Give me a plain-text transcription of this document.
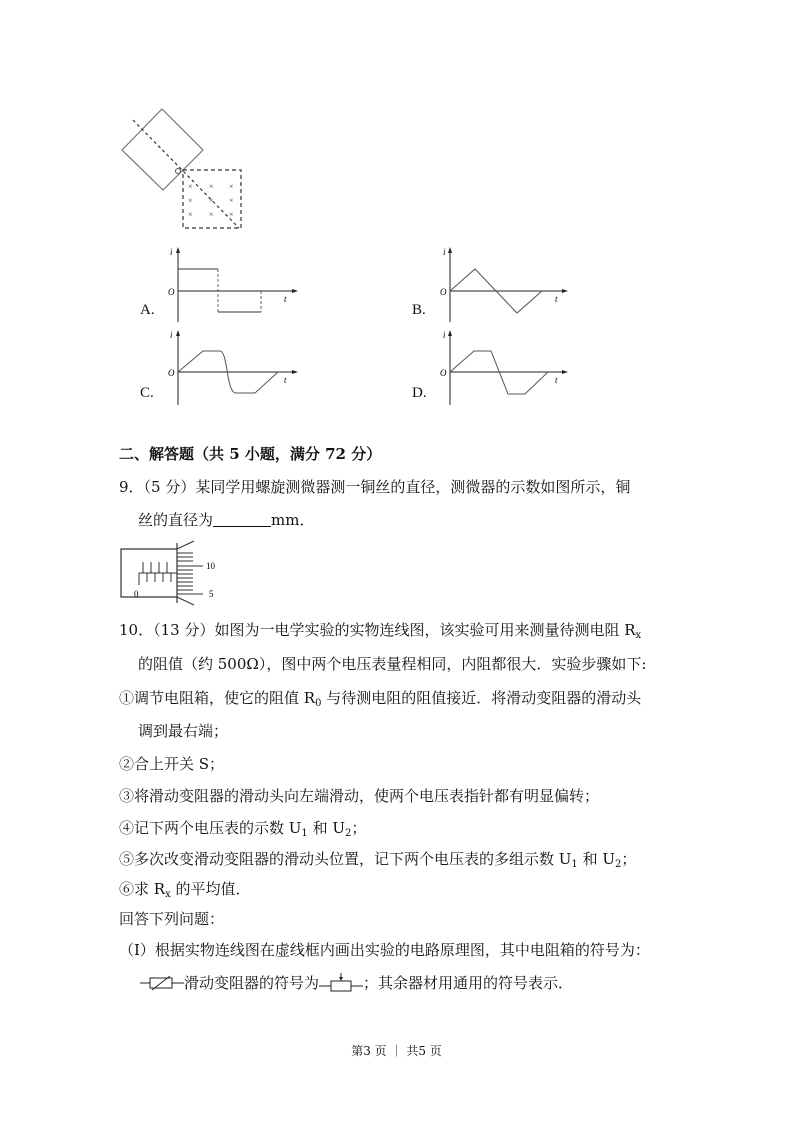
× × ×
× × ×
× × ×
A.
i
O
t
B.
i
O
t
C.
i
O
t
D.
i
O
t
二、解答题（共 5 小题，满分 72 分）
9．（5 分）某同学用螺旋测微器测一铜丝的直径，测微器的示数如图所示，铜
丝的直径为	mm．
10
5
0
10．（13 分）如图为一电学实验的实物连线图，该实验可用来测量待测电阻 $R_x$
的阻值（约 500Ω），图中两个电压表量程相同，内阻都很大．实验步骤如下:
①调节电阻箱，使它的阻值 $R_0$ 与待测电阻的阻值接近．将滑动变阻器的滑动头
调到最右端；
②合上开关 S；
③将滑动变阻器的滑动头向左端滑动，使两个电压表指针都有明显偏转；
④记下两个电压表的示数 $U_1$ 和 $U_2$；
⑤多次改变滑动变阻器的滑动头位置，记下两个电压表的多组示数 $U_1$ 和 $U_2$；
⑥求 $R_x$ 的平均值．
回答下列问题：
（I）根据实物连线图在虚线框内画出实验的电路原理图，其中电阻箱的符号为：
滑动变阻器的符号为	；其余器材用通用的符号表示．
第3 页 ｜ 共5 页
